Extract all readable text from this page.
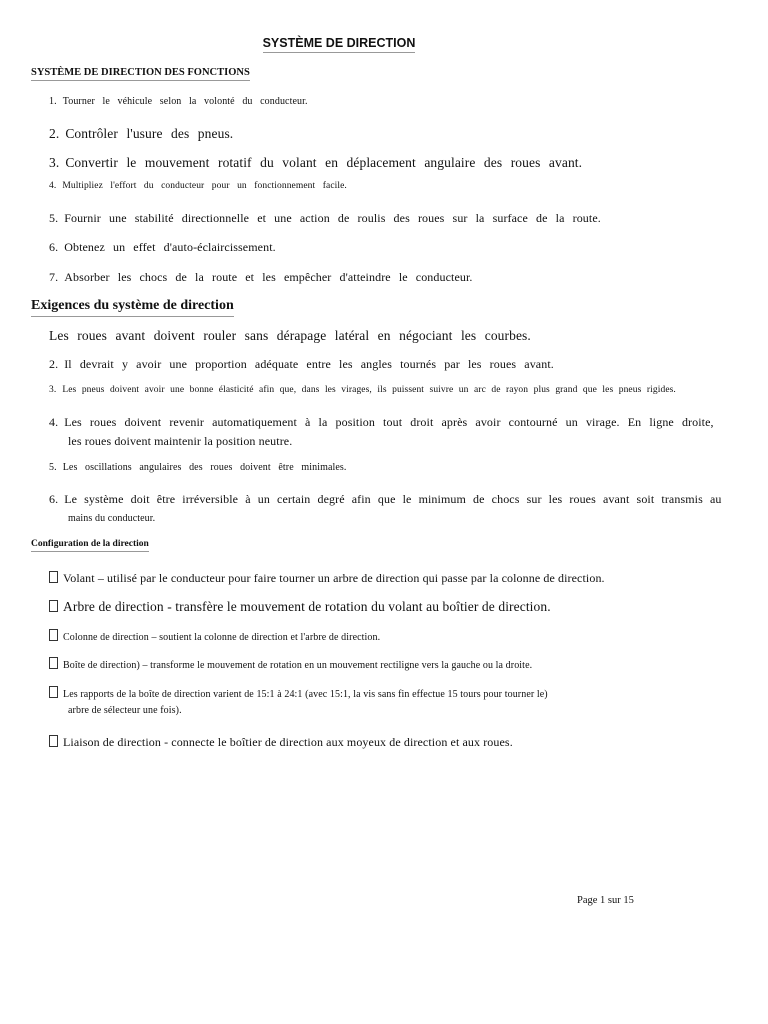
SYSTÈME DE DIRECTION
SYSTÈME DE DIRECTION DES FONCTIONS
1. Tourner le véhicule selon la volonté du conducteur.
2. Contrôler l'usure des pneus.
3. Convertir le mouvement rotatif du volant en déplacement angulaire des roues avant.
4. Multipliez l'effort du conducteur pour un fonctionnement facile.
5. Fournir une stabilité directionnelle et une action de roulis des roues sur la surface de la route.
6. Obtenez un effet d'auto-éclaircissement.
7. Absorber les chocs de la route et les empêcher d'atteindre le conducteur.
Exigences du système de direction
Les roues avant doivent rouler sans dérapage latéral en négociant les courbes.
2. Il devrait y avoir une proportion adéquate entre les angles tournés par les roues avant.
3. Les pneus doivent avoir une bonne élasticité afin que, dans les virages, ils puissent suivre un arc de rayon plus grand que les pneus rigides.
4. Les roues doivent revenir automatiquement à la position tout droit après avoir contourné un virage. En ligne droite,
les roues doivent maintenir la position neutre.
5. Les oscillations angulaires des roues doivent être minimales.
6. Le système doit être irréversible à un certain degré afin que le minimum de chocs sur les roues avant soit transmis au
mains du conducteur.
Configuration de la direction
Volant – utilisé par le conducteur pour faire tourner un arbre de direction qui passe par la colonne de direction.
Arbre de direction - transfère le mouvement de rotation du volant au boîtier de direction.
Colonne de direction – soutient la colonne de direction et l'arbre de direction.
Boîte de direction) – transforme le mouvement de rotation en un mouvement rectiligne vers la gauche ou la droite.
Les rapports de la boîte de direction varient de 15:1 à 24:1 (avec 15:1, la vis sans fin effectue 15 tours pour tourner le)
arbre de sélecteur une fois).
Liaison de direction - connecte le boîtier de direction aux moyeux de direction et aux roues.
Page 1 sur 15
